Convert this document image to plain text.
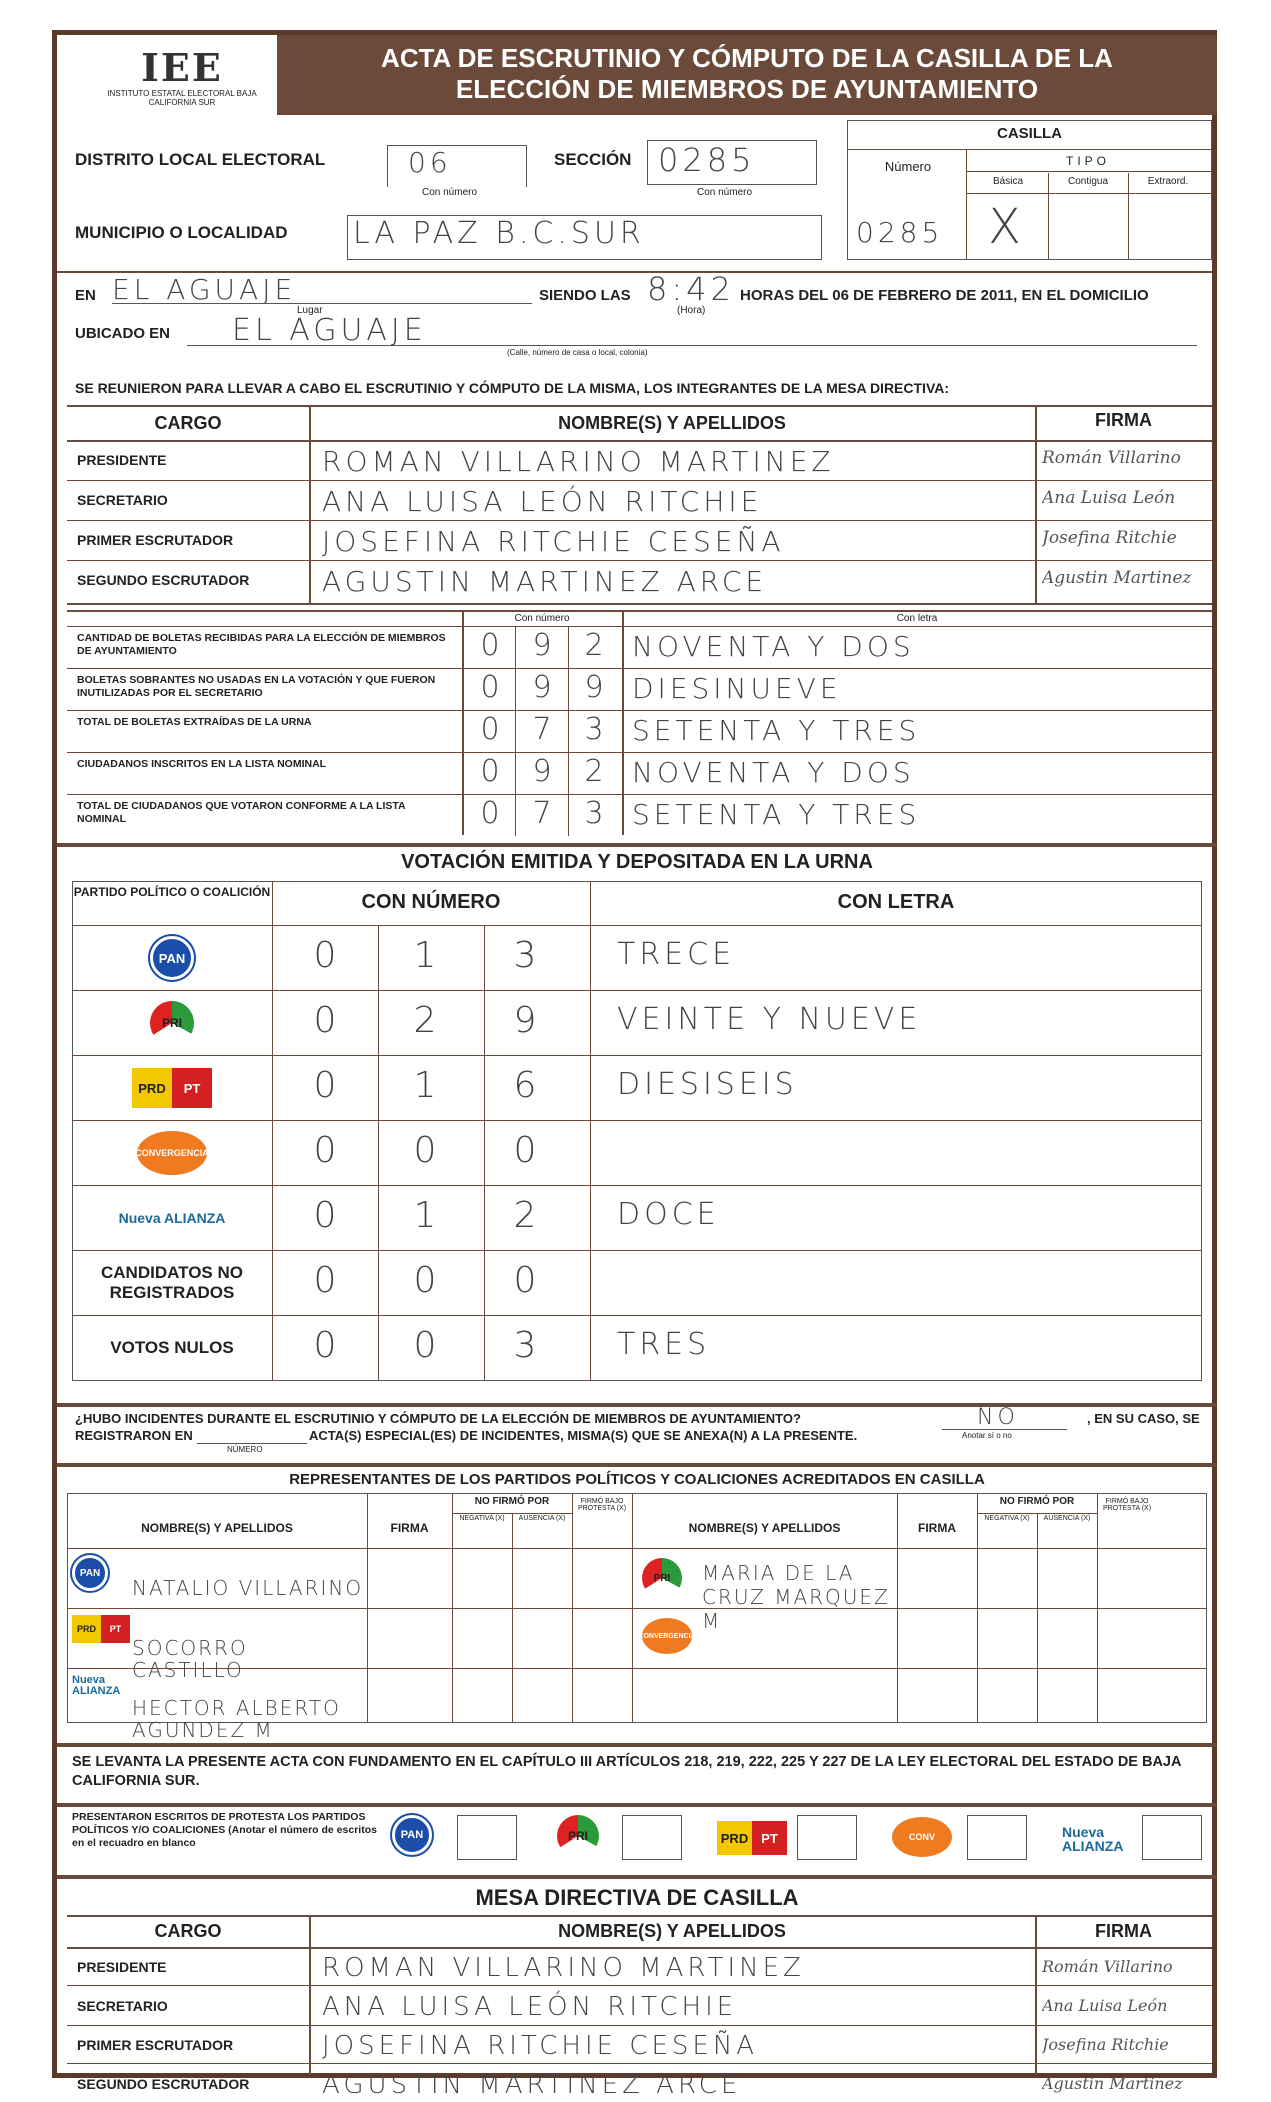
IEE
INSTITUTO ESTATAL ELECTORAL BAJA CALIFORNIA SUR
ACTA DE ESCRUTINIO Y CÓMPUTO DE LA CASILLA DE LA ELECCIÓN DE MIEMBROS DE AYUNTAMIENTO
DISTRITO LOCAL ELECTORAL	06
Con número
SECCIÓN 0285
Con número
MUNICIPIO O LOCALIDAD LA PAZ B.C.SUR
CASILLA
Número	TIPO
Básica	Contigua	Extraord.
0285 X
EN EL AGUAJE
Lugar
SIENDO LAS 8:42
(Hora)
HORAS DEL 06 DE FEBRERO DE 2011, EN EL DOMICILIO
UBICADO EN EL AGUAJE
(Calle, número de casa o local, colonia)
SE REUNIERON PARA LLEVAR A CABO EL ESCRUTINIO Y CÓMPUTO DE LA MISMA, LOS INTEGRANTES DE LA MESA DIRECTIVA:
CARGO	NOMBRE(S) Y APELLIDOS	FIRMA
PRESIDENTE	ROMAN VILLARINO MARTINEZ	Román Villarino
SECRETARIO	ANA LUISA LEÓN RITCHIE	Ana Luisa León
PRIMER ESCRUTADOR	JOSEFINA RITCHIE CESEÑA	Josefina Ritchie
SEGUNDO ESCRUTADOR	AGUSTIN MARTINEZ ARCE	Agustin Martinez
Con número	Con letra
CANTIDAD DE BOLETAS RECIBIDAS PARA LA ELECCIÓN DE MIEMBROS DE AYUNTAMIENTO	0 9 2 NOVENTA Y DOS
BOLETAS SOBRANTES NO USADAS EN LA VOTACIÓN Y QUE FUERON INUTILIZADAS POR EL SECRETARIO	0 9 9 DIESINUEVE
TOTAL DE BOLETAS EXTRAÍDAS DE LA URNA	0 7 3 SETENTA Y TRES
CIUDADANOS INSCRITOS EN LA LISTA NOMINAL	0 9 2 NOVENTA Y DOS
TOTAL DE CIUDADANOS QUE VOTARON CONFORME A LA LISTA NOMINAL	0 7 3 SETENTA Y TRES
VOTACIÓN EMITIDA Y DEPOSITADA EN LA URNA
PARTIDO POLÍTICO O COALICIÓN	CON NÚMERO	CON LETRA
PAN	0	1	3	TRECE
PRI	0	2	9	VEINTE Y NUEVE
PRD	PT	0	1	6	DIESISEIS
CONVERGENCIA	0	0	0
Nueva ALIANZA	0	1	2	DOCE
CANDIDATOS NO REGISTRADOS	0	0	0
VOTOS NULOS	0	0	3	TRES
¿HUBO INCIDENTES DURANTE EL ESCRUTINIO Y CÓMPUTO DE LA ELECCIÓN DE MIEMBROS DE AYUNTAMIENTO?	NO	, EN SU CASO, SE
Anotar sí o no
REGISTRARON EN
NÚMERO
ACTA(S) ESPECIAL(ES) DE INCIDENTES, MISMA(S) QUE SE ANEXA(N) A LA PRESENTE.
REPRESENTANTES DE LOS PARTIDOS POLÍTICOS Y COALICIONES ACREDITADOS EN CASILLA
NOMBRE(S) Y APELLIDOS	FIRMA
NO FIRMÓ POR
NEGATIVA (X)	AUSENCIA (X)
FIRMÓ BAJO PROTESTA (X)
NOMBRE(S) Y APELLIDOS	FIRMA
NO FIRMÓ POR
NEGATIVA (X)	AUSENCIA (X)
FIRMÓ BAJO PROTESTA (X)
PAN
NATALIO VILLARINO
PRD	PT
SOCORRO CASTILLO
Nueva ALIANZA
HECTOR ALBERTO AGUNDEZ M
PRI	MARIA DE LA CRUZ MARQUEZ M
CONVERGENCIA
SE LEVANTA LA PRESENTE ACTA CON FUNDAMENTO EN EL CAPÍTULO III ARTÍCULOS 218, 219, 222, 225 Y 227 DE LA LEY ELECTORAL DEL ESTADO DE BAJA CALIFORNIA SUR.
PRESENTARON ESCRITOS DE PROTESTA LOS PARTIDOS POLÍTICOS Y/O COALICIONES (Anotar el número de escritos en el recuadro en blanco
PAN	PRI	PRD PT	CONV	Nueva
ALIANZA
MESA DIRECTIVA DE CASILLA
CARGO	NOMBRE(S) Y APELLIDOS	FIRMA
PRESIDENTE	ROMAN VILLARINO MARTINEZ	Román Villarino
SECRETARIO	ANA LUISA LEÓN RITCHIE	Ana Luisa León
PRIMER ESCRUTADOR	JOSEFINA RITCHIE CESEÑA	Josefina Ritchie
SEGUNDO ESCRUTADOR	AGUSTIN MARTINEZ ARCE	Agustin Martinez
